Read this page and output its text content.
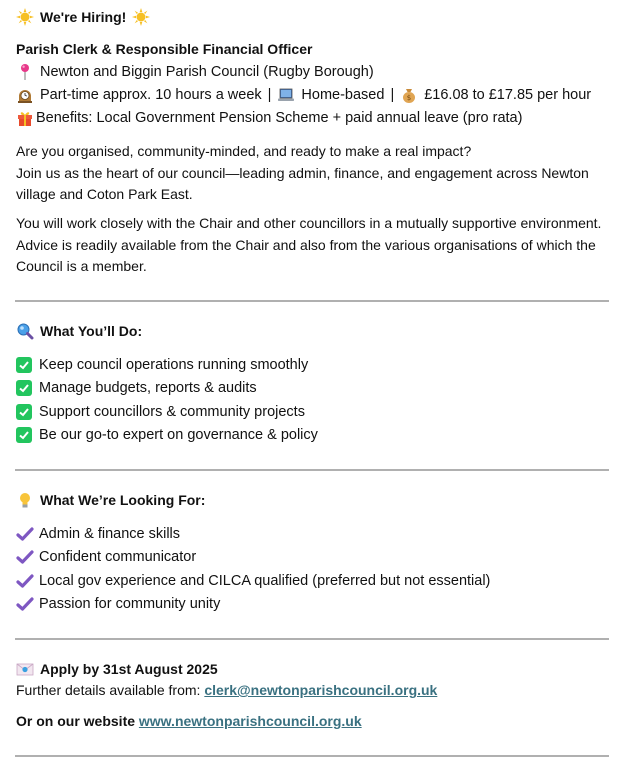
We're Hiring!
Parish Clerk & Responsible Financial Officer
Newton and Biggin Parish Council (Rugby Borough)
Part-time approx. 10 hours a week | Home-based | $ £16.08 to £17.85 per hour
Benefits: Local Government Pension Scheme + paid annual leave (pro rata)
Are you organised, community-minded, and ready to make a real impact?
Join us as the heart of our council—leading admin, finance, and engagement across Newton village and Coton Park East.
You will work closely with the Chair and other councillors in a mutually supportive environment. Advice is readily available from the Chair and also from the various organisations of which the Council is a member.
What You’ll Do:
Keep council operations running smoothly
Manage budgets, reports & audits
Support councillors & community projects
Be our go-to expert on governance & policy
What We’re Looking For:
Admin & finance skills
Confident communicator
Local gov experience and CILCA qualified (preferred but not essential)
Passion for community unity
Apply by 31st August 2025
Further details available from:
clerk@newtonparishcouncil.org.uk
Or on our website
www.newtonparishcouncil.org.uk
